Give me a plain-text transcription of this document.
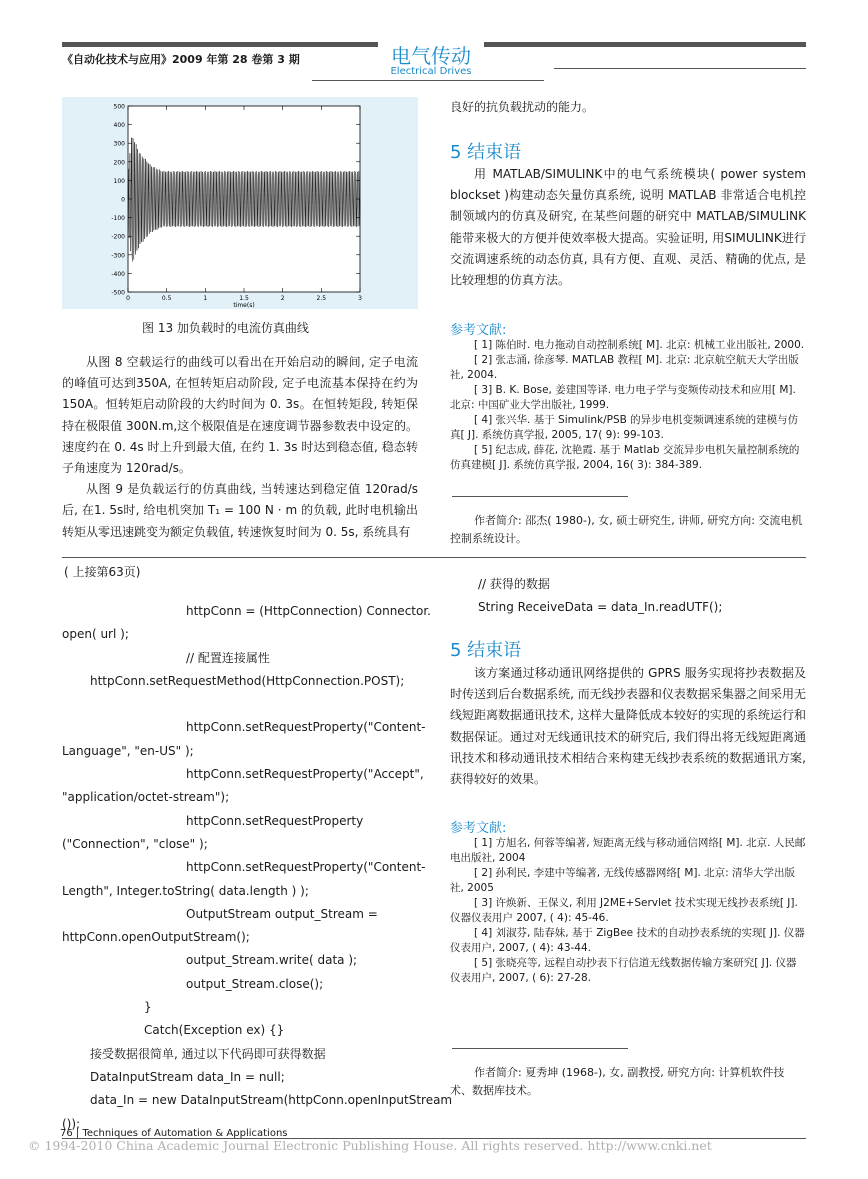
《自动化技术与应用》2009 年第 28 卷第 3 期	电气传动
Electrical Drives
500
400
300
200
100
0
-100
-200
-300
-400
-500
0	0.5	1	1.5	2	2.5	3
time(s)
图 13 加负载时的电流仿真曲线

从图 8 空载运行的曲线可以看出在开始启动的瞬间, 定子电流的峰值可达到350A, 在恒转矩启动阶段, 定子电流基本保持在约为 150A。恒转矩启动阶段的大约时间为 0. 3s。在恒转矩段, 转矩保持在极限值 300N.m,这个极限值是在速度调节器参数表中设定的。速度约在 0. 4s 时上升到最大值, 在约 1. 3s 时达到稳态值, 稳态转子角速度为 120rad/s。

从图 9 是负载运行的仿真曲线, 当转速达到稳定值 120rad/s后, 在1. 5s时, 给电机突加 T₁ = 100 N · m 的负载, 此时电机输出转矩从零迅速跳变为额定负载值, 转速恢复时间为 0. 5s, 系统具有

良好的抗负载扰动的能力。
5 结束语
用 MATLAB/SIMULINK中的电气系统模块( power system blockset )构建动态矢量仿真系统, 说明 MATLAB 非常适合电机控制领域内的仿真及研究, 在某些问题的研究中 MATLAB/SIMULINK能带来极大的方便并使效率极大提高。实验证明, 用SIMULINK进行交流调速系统的动态仿真, 具有方便、直观、灵活、精确的优点, 是比较理想的仿真方法。
参考文献:

[ 1] 陈伯时. 电力拖动自动控制系统[ M]. 北京: 机械工业出版社, 2000.

[ 2] 张志涌, 徐彦琴. MATLAB 教程[ M]. 北京: 北京航空航天大学出版社, 2004.

[ 3] B. K. Bose, 姜建国等译. 电力电子学与变频传动技术和应用[ M]. 北京: 中国矿业大学出版社, 1999.

[ 4] 张兴华. 基于 Simulink/PSB 的异步电机变频调速系统的建模与仿真[ J]. 系统仿真学报, 2005, 17( 9): 99-103.

[ 5] 纪志成, 薛花, 沈艳霞. 基于 Matlab 交流异步电机矢量控制系统的仿真建模[ J]. 系统仿真学报, 2004, 16( 3): 384-389.

作者简介: 邵杰( 1980-), 女, 硕士研究生, 讲师, 研究方向: 交流电机控制系统设计。
( 上接第63页)
httpConn = (HttpConnection) Connector.
open( url );
// 配置连接属性
httpConn.setRequestMethod(HttpConnection.POST);
httpConn.setRequestProperty("Content-
Language", "en-US" );
httpConn.setRequestProperty("Accept",
"application/octet-stream");
httpConn.setRequestProperty
("Connection", "close" );
httpConn.setRequestProperty("Content-
Length", Integer.toString( data.length ) );
OutputStream output_Stream =
httpConn.openOutputStream();
output_Stream.write( data );
output_Stream.close();
}
Catch(Exception ex) {}
接受数据很简单, 通过以下代码即可获得数据
DataInputStream data_In = null;
data_In = new DataInputStream(httpConn.openInputStream
());
// 获得的数据
String ReceiveData = data_In.readUTF();
5 结束语
该方案通过移动通讯网络提供的 GPRS 服务实现将抄表数据及时传送到后台数据系统, 而无线抄表器和仪表数据采集器之间采用无线短距离数据通讯技术, 这样大量降低成本较好的实现的系统运行和数据保证。通过对无线通讯技术的研究后, 我们得出将无线短距离通讯技术和移动通讯技术相结合来构建无线抄表系统的数据通讯方案, 获得较好的效果。
参考文献:

[ 1] 方旭名, 何蓉等编著, 短距离无线与移动通信网络[ M]. 北京. 人民邮电出版社, 2004

[ 2] 孙利民, 李建中等编著, 无线传感器网络[ M]. 北京: 清华大学出版社, 2005

[ 3] 许焕新、王保义, 利用 J2ME+Servlet 技术实现无线抄表系统[ J]. 仪器仪表用户 2007, ( 4): 45-46.

[ 4] 刘淑芬, 陆春妹, 基于 ZigBee 技术的自动抄表系统的实现[ J]. 仪器仪表用户, 2007, ( 4): 43-44.

[ 5] 张晓亮等, 远程自动抄表下行信道无线数据传输方案研究[ J]. 仪器仪表用户, 2007, ( 6): 27-28.

作者简介: 夏秀坤 (1968-), 女, 副教授, 研究方向: 计算机软件技术、数据库技术。
76 | Techniques of Automation & Applications
© 1994-2010 China Academic Journal Electronic Publishing House. All rights reserved. http://www.cnki.net
